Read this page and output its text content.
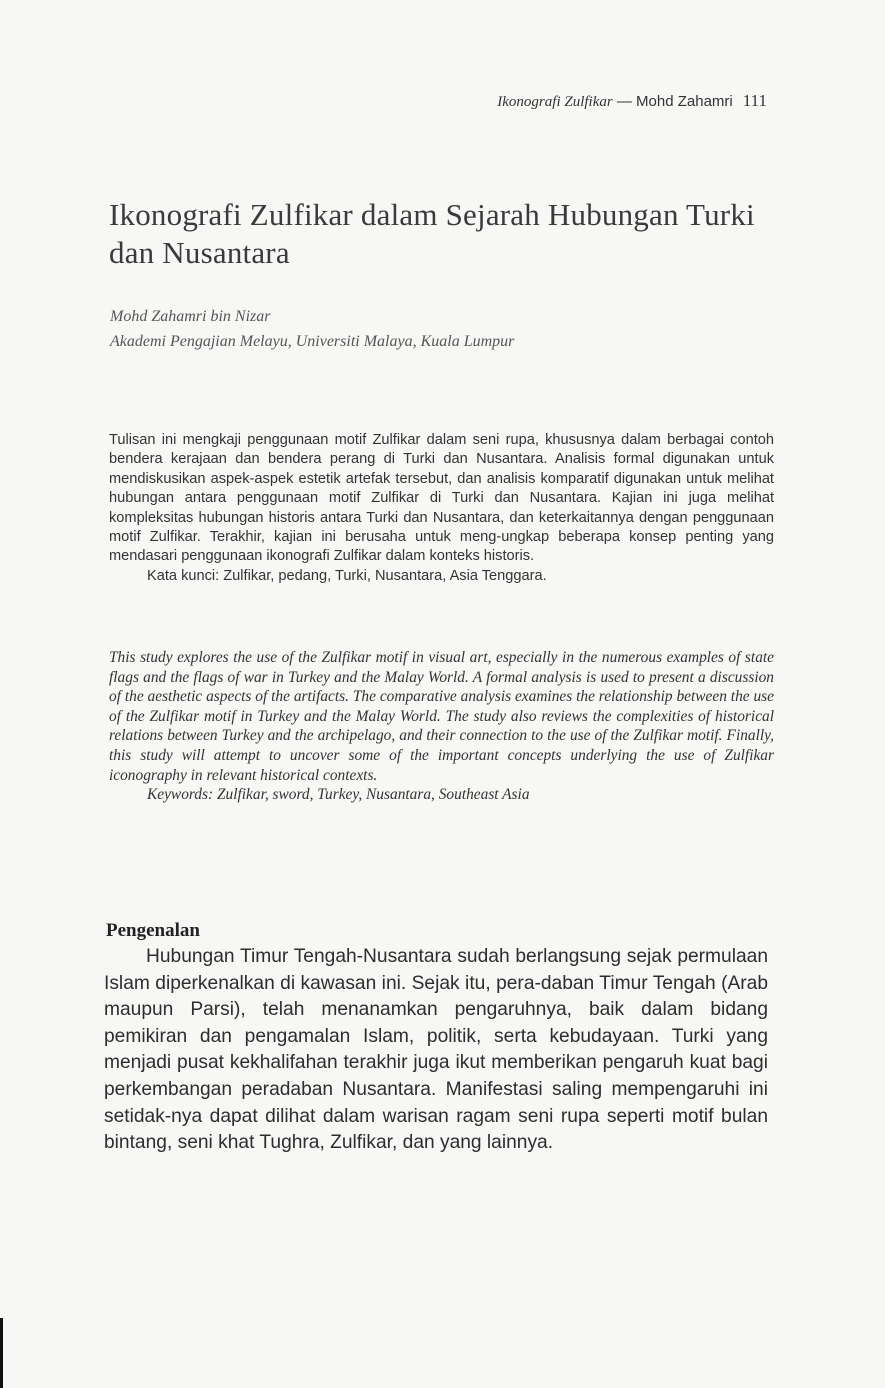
Ikonografi Zulfikar — Mohd Zahamri 111
Ikonografi Zulfikar dalam Sejarah Hubungan Turki dan Nusantara
Mohd Zahamri bin Nizar
Akademi Pengajian Melayu, Universiti Malaya, Kuala Lumpur

Tulisan ini mengkaji penggunaan motif Zulfikar dalam seni rupa, khususnya dalam berbagai contoh bendera kerajaan dan bendera perang di Turki dan Nusantara. Analisis formal digunakan untuk mendiskusikan aspek-aspek estetik artefak tersebut, dan analisis komparatif digunakan untuk melihat hubungan antara penggunaan motif Zulfikar di Turki dan Nusantara. Kajian ini juga melihat kompleksitas hubungan historis antara Turki dan Nusantara, dan keterkaitannya dengan penggunaan motif Zulfikar. Terakhir, kajian ini berusaha untuk meng-ungkap beberapa konsep penting yang mendasari penggunaan ikonografi Zulfikar dalam konteks historis.

Kata kunci: Zulfikar, pedang, Turki, Nusantara, Asia Tenggara.

This study explores the use of the Zulfikar motif in visual art, especially in the numerous examples of state flags and the flags of war in Turkey and the Malay World. A formal analysis is used to present a discussion of the aesthetic aspects of the artifacts. The comparative analysis examines the relationship between the use of the Zulfikar motif in Turkey and the Malay World. The study also reviews the complexities of historical relations between Turkey and the archipelago, and their connection to the use of the Zulfikar motif. Finally, this study will attempt to uncover some of the important concepts underlying the use of Zulfikar iconography in relevant historical contexts.

Keywords: Zulfikar, sword, Turkey, Nusantara, Southeast Asia

Pengenalan

Hubungan Timur Tengah-Nusantara sudah berlangsung sejak permulaan Islam diperkenalkan di kawasan ini. Sejak itu, pera-daban Timur Tengah (Arab maupun Parsi), telah menanamkan pengaruhnya, baik dalam bidang pemikiran dan pengamalan Islam, politik, serta kebudayaan. Turki yang menjadi pusat kekhalifahan terakhir juga ikut memberikan pengaruh kuat bagi perkembangan peradaban Nusantara. Manifestasi saling mempengaruhi ini setidak-nya dapat dilihat dalam warisan ragam seni rupa seperti motif bulan bintang, seni khat Tughra, Zulfikar, dan yang lainnya.
